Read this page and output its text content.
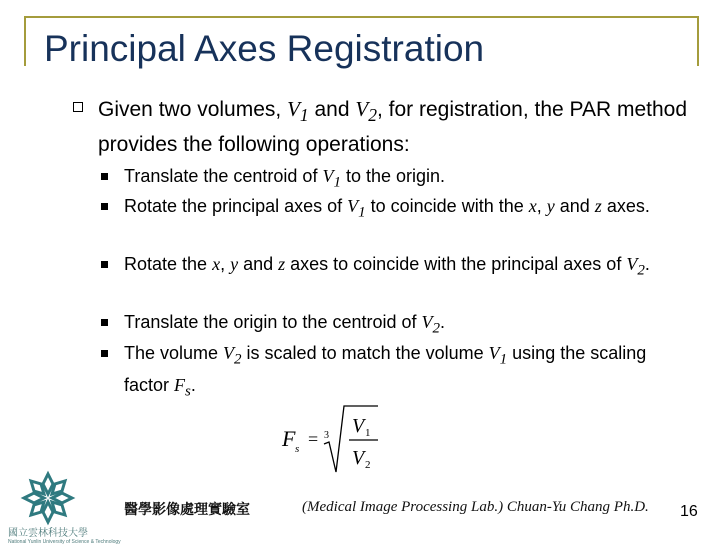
Principal Axes Registration
Given two volumes, $V_1$ and $V_2$, for registration, the PAR method provides the following operations:
Translate the centroid of $V_1$ to the origin.
Rotate the principal axes of $V_1$ to coincide with the x, y and z axes.
Rotate the x, y and z axes to coincide with the principal axes of $V_2$.
Translate the origin to the centroid of $V_2$.
The volume $V_2$ is scaled to match the volume $V_1$ using the scaling factor $F_s$.
F s = 3 V 1
V 2
國立雲林科技大學
National Yunlin University of Science & Technology
醫學影像處理實驗室	(Medical Image Processing Lab.) Chuan-Yu Chang Ph.D. 16
